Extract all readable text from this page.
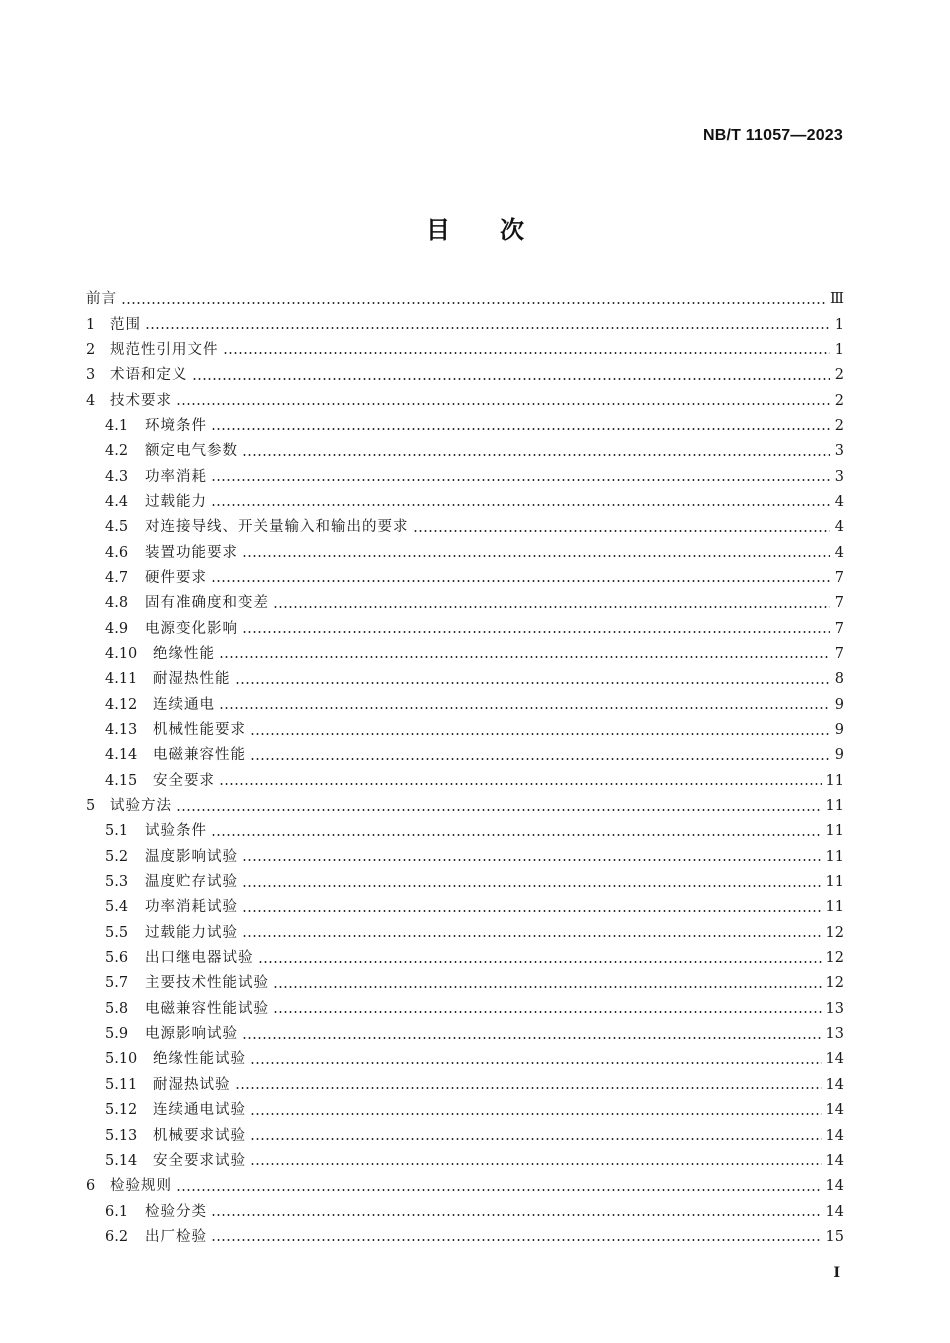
NB/T 11057—2023
目次
前言	Ⅲ
1	范围	1
2	规范性引用文件	1
3	术语和定义	2
4	技术要求	2
4.1	环境条件	2
4.2	额定电气参数	3
4.3	功率消耗	3
4.4	过载能力	4
4.5	对连接导线、开关量输入和输出的要求	4
4.6	装置功能要求	4
4.7	硬件要求	7
4.8	固有准确度和变差	7
4.9	电源变化影响	7
4.10	绝缘性能	7
4.11	耐湿热性能	8
4.12	连续通电	9
4.13	机械性能要求	9
4.14	电磁兼容性能	9
4.15	安全要求	11
5	试验方法	11
5.1	试验条件	11
5.2	温度影响试验	11
5.3	温度贮存试验	11
5.4	功率消耗试验	11
5.5	过载能力试验	12
5.6	出口继电器试验	12
5.7	主要技术性能试验	12
5.8	电磁兼容性能试验	13
5.9	电源影响试验	13
5.10	绝缘性能试验	14
5.11	耐湿热试验	14
5.12	连续通电试验	14
5.13	机械要求试验	14
5.14	安全要求试验	14
6	检验规则	14
6.1	检验分类	14
6.2	出厂检验	15
I
